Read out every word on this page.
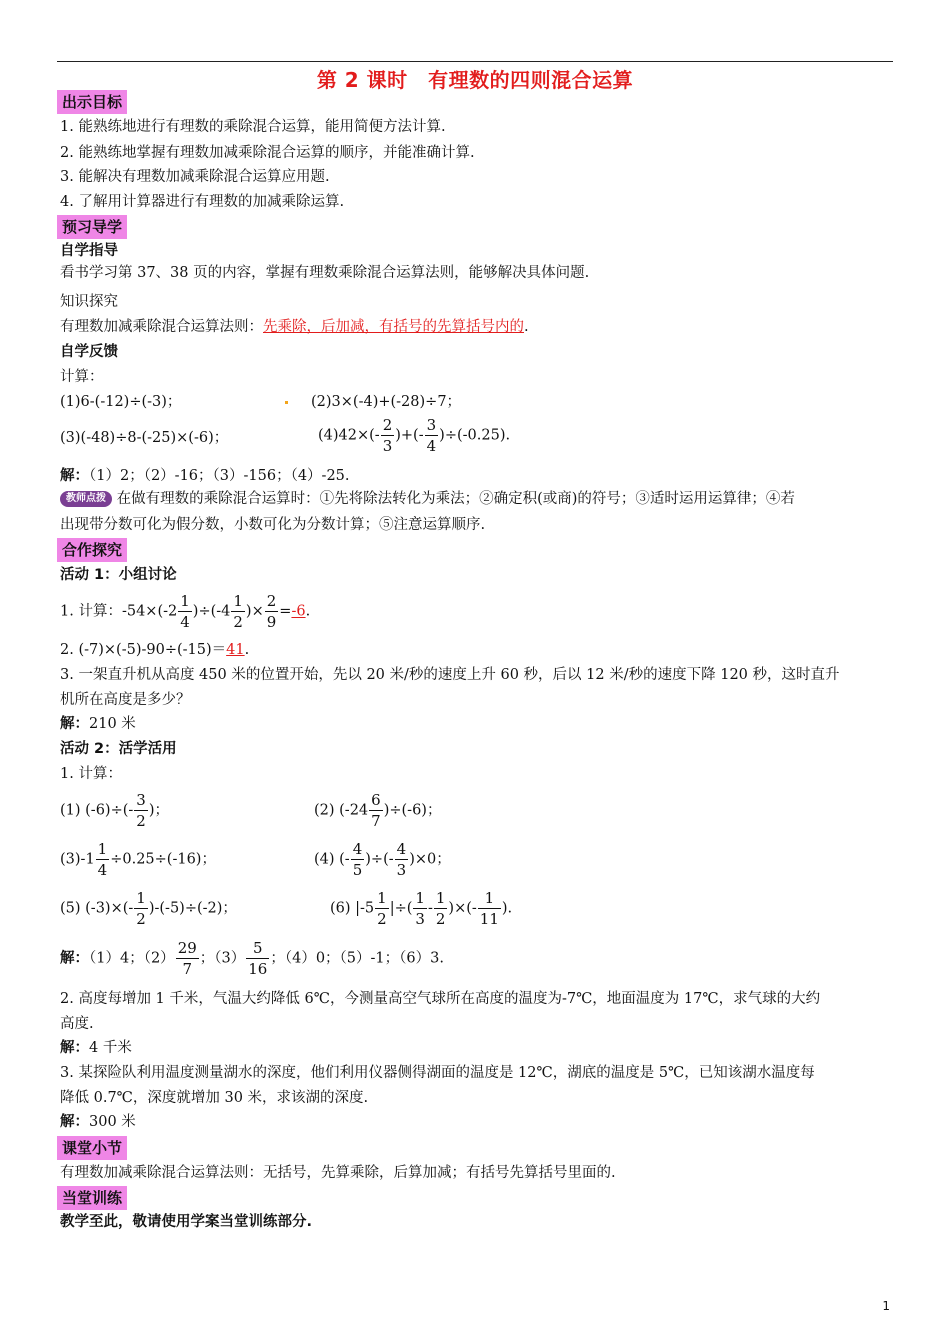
第 2 课时　有理数的四则混合运算
出示目标
1. 能熟练地进行有理数的乘除混合运算，能用简便方法计算.
2. 能熟练地掌握有理数加减乘除混合运算的顺序，并能准确计算.
3. 能解决有理数加减乘除混合运算应用题.
4. 了解用计算器进行有理数的加减乘除运算.
预习导学
自学指导
看书学习第 37、38 页的内容，掌握有理数乘除混合运算法则，能够解决具体问题.
知识探究
有理数加减乘除混合运算法则：先乘除，后加减，有括号的先算括号内的.
自学反馈
计算：
(1)6-(-12)÷(-3)；	(2)3×(-4)+(-28)÷7；
(3)(-48)÷8-(-25)×(-6)；	$(4)42\times(- \frac{2}{3}$ )+(- $\frac{3}{4} )\div(-0.25)$.
解：（1）2；（2）-16；（3）-156；（4）-25.
教师点拨 在做有理数的乘除混合运算时：①先将除法转化为乘法；②确定积(或商)的符号；③适时运用运算律；④若
出现带分数可化为假分数，小数可化为分数计算；⑤注意运算顺序.
合作探究
活动 1：小组讨论
1. 计算：$-54\times(-2 \frac{1}{4} )\div(-4 \frac{1}{2}$ )× $\frac{2}{9} =-6$.
2. (-7)×(-5)-90÷(-15)＝41.
3. 一架直升机从高度 450 米的位置开始，先以 20 米/秒的速度上升 60 秒，后以 12 米/秒的速度下降 120 秒，这时直升
机所在高度是多少？
解：210 米
活动 2：活学活用
1. 计算：
(1) $(-6)\div(- \frac{3}{2}$ )；	(2) $(-24 \frac{6}{7} )\div(-6)$；
$(3)-1 \frac{1}{4} \div 0.25\div(-16)$；	(4) (- $\frac{4}{5}$ )÷(- $\frac{4}{3} )\times 0$；
(5) $(-3)\times(- \frac{1}{2} )-(-5)\div(-2)$；	(6) $|-5 \frac{1}{2}$ |÷( $\frac{1}{3} - \frac{1}{2}$ )×(- $\frac{1}{11}$ ).
解：（1）4；$(2) \frac{29}{7}$ ；$(3) \frac{5}{16}$ ；（4）0；（5）-1；（6）3.
2. 高度每增加 1 千米，气温大约降低 6℃，今测量高空气球所在高度的温度为-7℃，地面温度为 17℃，求气球的大约
高度.
解：4 千米
3. 某探险队利用温度测量湖水的深度，他们利用仪器侧得湖面的温度是 12℃，湖底的温度是 5℃，已知该湖水温度每
降低 0.7℃，深度就增加 30 米，求该湖的深度.
解：300 米
课堂小节
有理数加减乘除混合运算法则：无括号，先算乘除，后算加减；有括号先算括号里面的.
当堂训练
教学至此，敬请使用学案当堂训练部分.
1
